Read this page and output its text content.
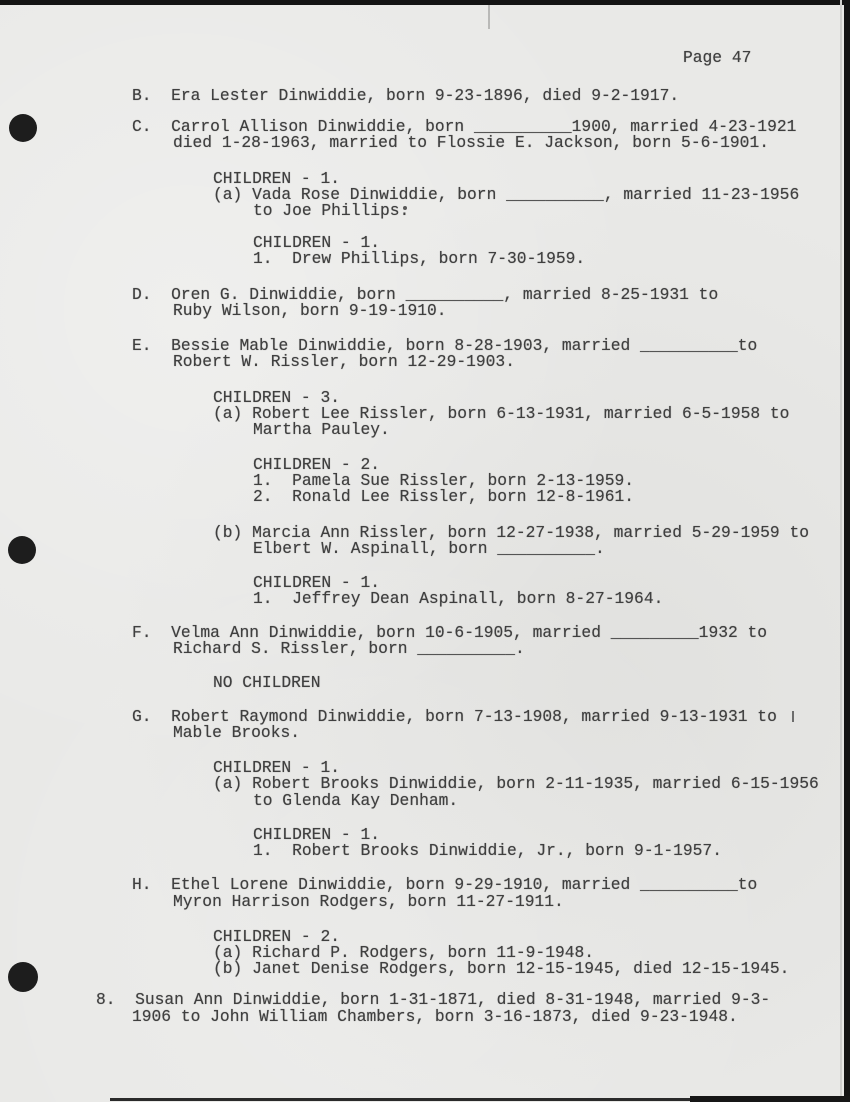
Page 47
B.  Era Lester Dinwiddie, born 9-23-1896, died 9-2-1917.
C.  Carrol Allison Dinwiddie, born __________1900, married 4-23-1921
died 1-28-1963, married to Flossie E. Jackson, born 5-6-1901.
CHILDREN - 1.
(a) Vada Rose Dinwiddie, born __________, married 11-23-1956
to Joe Phillips.
CHILDREN - 1.
1.  Drew Phillips, born 7-30-1959.
D.  Oren G. Dinwiddie, born __________, married 8-25-1931 to
Ruby Wilson, born 9-19-1910.
E.  Bessie Mable Dinwiddie, born 8-28-1903, married __________to
Robert W. Rissler, born 12-29-1903.
CHILDREN - 3.
(a) Robert Lee Rissler, born 6-13-1931, married 6-5-1958 to
Martha Pauley.
CHILDREN - 2.
1.  Pamela Sue Rissler, born 2-13-1959.
2.  Ronald Lee Rissler, born 12-8-1961.
(b) Marcia Ann Rissler, born 12-27-1938, married 5-29-1959 to
Elbert W. Aspinall, born __________.
CHILDREN - 1.
1.  Jeffrey Dean Aspinall, born 8-27-1964.
F.  Velma Ann Dinwiddie, born 10-6-1905, married _________1932 to
Richard S. Rissler, born __________.
NO CHILDREN
G.  Robert Raymond Dinwiddie, born 7-13-1908, married 9-13-1931 to
Mable Brooks.
CHILDREN - 1.
(a) Robert Brooks Dinwiddie, born 2-11-1935, married 6-15-1956
to Glenda Kay Denham.
CHILDREN - 1.
1.  Robert Brooks Dinwiddie, Jr., born 9-1-1957.
H.  Ethel Lorene Dinwiddie, born 9-29-1910, married __________to
Myron Harrison Rodgers, born 11-27-1911.
CHILDREN - 2.
(a) Richard P. Rodgers, born 11-9-1948.
(b) Janet Denise Rodgers, born 12-15-1945, died 12-15-1945.
8.  Susan Ann Dinwiddie, born 1-31-1871, died 8-31-1948, married 9-3-
1906 to John William Chambers, born 3-16-1873, died 9-23-1948.
